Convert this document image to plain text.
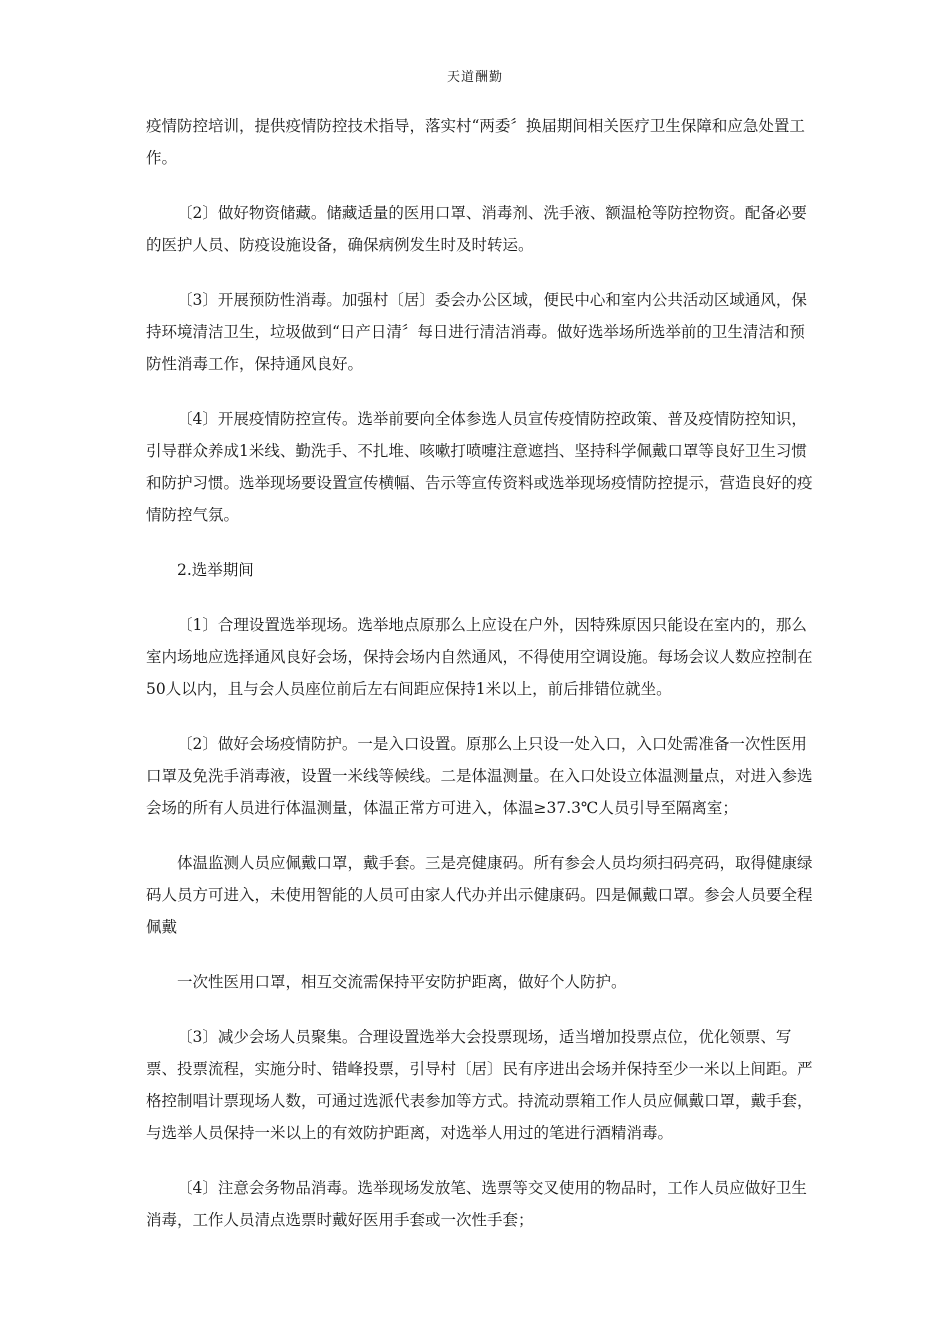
天道酬勤

疫情防控培训，提供疫情防控技术指导，落实村“两委〞换届期间相关医疗卫生保障和应急处置工作。

〔2〕做好物资储藏。储藏适量的医用口罩、消毒剂、洗手液、额温枪等防控物资。配备必要的医护人员、防疫设施设备，确保病例发生时及时转运。

〔3〕开展预防性消毒。加强村〔居〕委会办公区域，便民中心和室内公共活动区域通风，保持环境清洁卫生，垃圾做到“日产日清〞每日进行清洁消毒。做好选举场所选举前的卫生清洁和预防性消毒工作，保持通风良好。

〔4〕开展疫情防控宣传。选举前要向全体参选人员宣传疫情防控政策、普及疫情防控知识，引导群众养成1米线、勤洗手、不扎堆、咳嗽打喷嚏注意遮挡、坚持科学佩戴口罩等良好卫生习惯和防护习惯。选举现场要设置宣传横幅、告示等宣传资料或选举现场疫情防控提示，营造良好的疫情防控气氛。

2.选举期间

〔1〕合理设置选举现场。选举地点原那么上应设在户外，因特殊原因只能设在室内的，那么室内场地应选择通风良好会场，保持会场内自然通风，不得使用空调设施。每场会议人数应控制在50人以内，且与会人员座位前后左右间距应保持1米以上，前后排错位就坐。

〔2〕做好会场疫情防护。一是入口设置。原那么上只设一处入口，入口处需准备一次性医用口罩及免洗手消毒液，设置一米线等候线。二是体温测量。在入口处设立体温测量点，对进入参选会场的所有人员进行体温测量，体温正常方可进入，体温≥37.3℃人员引导至隔离室；

体温监测人员应佩戴口罩，戴手套。三是亮健康码。所有参会人员均须扫码亮码，取得健康绿码人员方可进入，未使用智能的人员可由家人代办并出示健康码。四是佩戴口罩。参会人员要全程佩戴

一次性医用口罩，相互交流需保持平安防护距离，做好个人防护。

〔3〕减少会场人员聚集。合理设置选举大会投票现场，适当增加投票点位，优化领票、写票、投票流程，实施分时、错峰投票，引导村〔居〕民有序进出会场并保持至少一米以上间距。严格控制唱计票现场人数，可通过选派代表参加等方式。持流动票箱工作人员应佩戴口罩，戴手套，与选举人员保持一米以上的有效防护距离，对选举人用过的笔进行酒精消毒。

〔4〕注意会务物品消毒。选举现场发放笔、选票等交叉使用的物品时，工作人员应做好卫生消毒，工作人员清点选票时戴好医用手套或一次性手套；
